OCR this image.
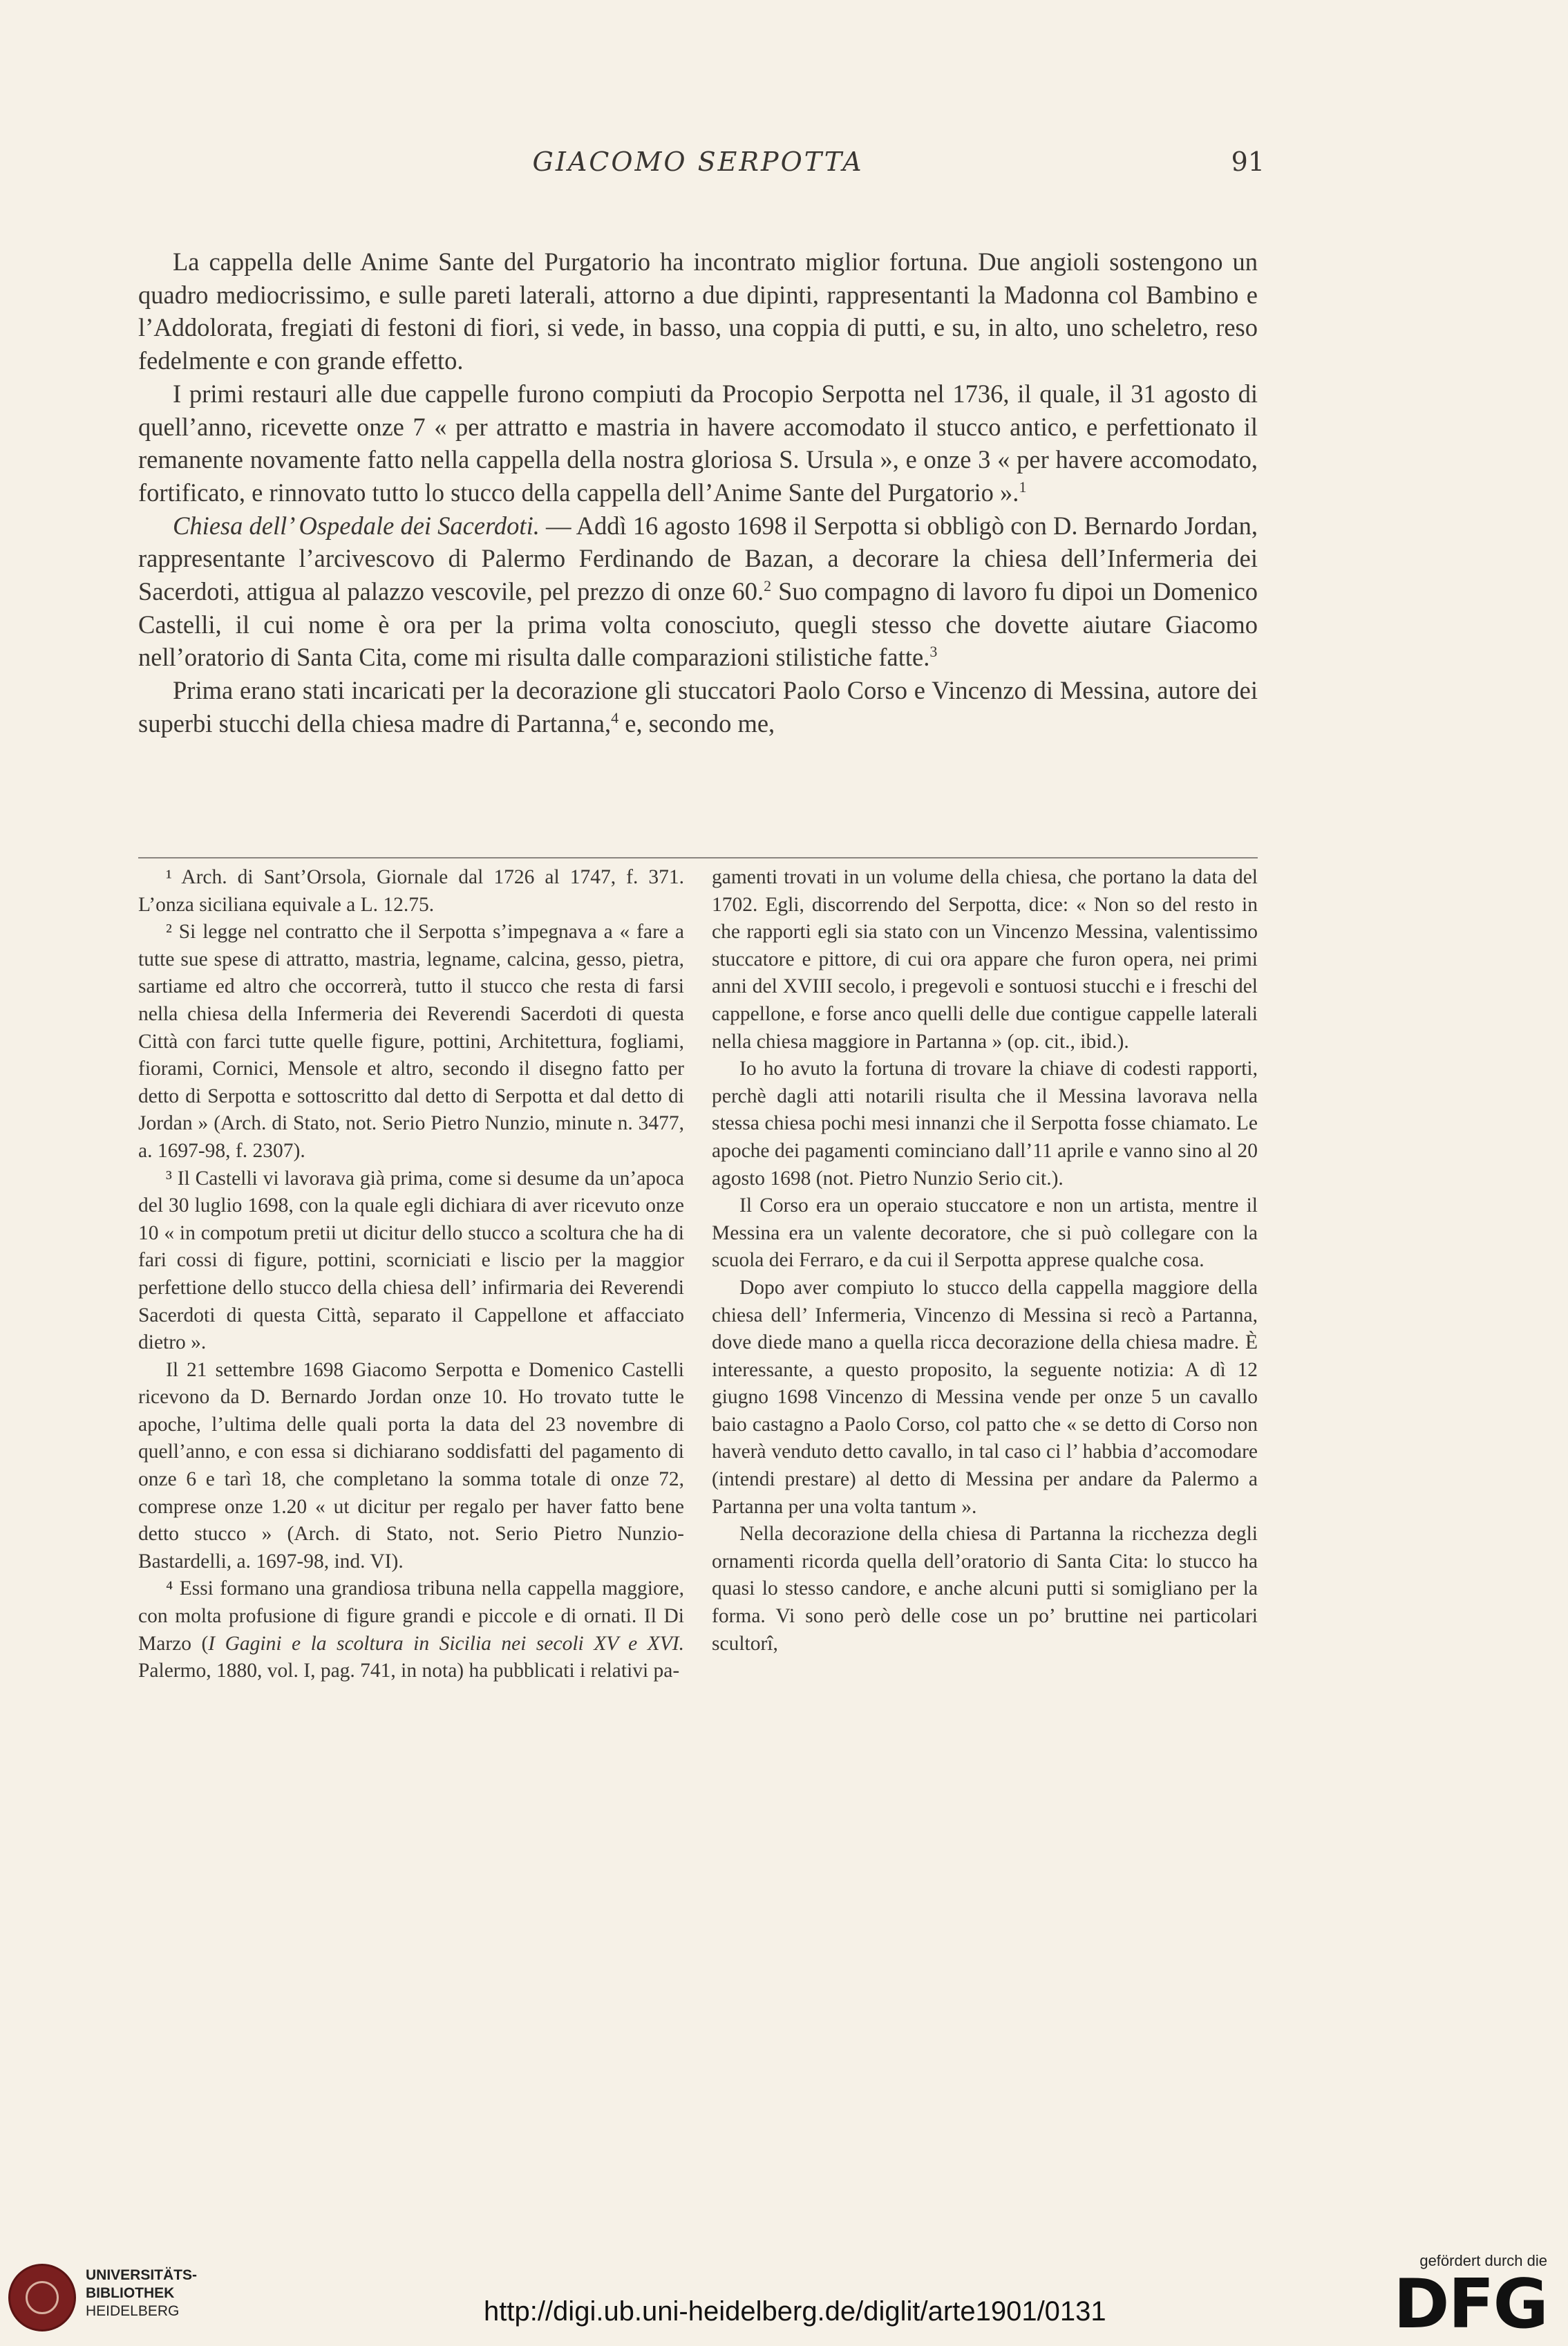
GIACOMO SERPOTTA	91

La cappella delle Anime Sante del Purgatorio ha incontrato miglior fortuna. Due angioli sostengono un quadro mediocrissimo, e sulle pareti laterali, attorno a due dipinti, rappresentanti la Madonna col Bambino e l’Addolorata, fregiati di festoni di fiori, si vede, in basso, una coppia di putti, e su, in alto, uno scheletro, reso fedelmente e con grande effetto.

I primi restauri alle due cappelle furono compiuti da Procopio Serpotta nel 1736, il quale, il 31 agosto di quell’anno, ricevette onze 7 « per attratto e mastria in havere accomodato il stucco antico, e perfettionato il remanente novamente fatto nella cappella della nostra gloriosa S. Ursula », e onze 3 « per havere accomodato, fortificato, e rinnovato tutto lo stucco della cappella dell’Anime Sante del Purgatorio ».$^1$

Chiesa dell’ Ospedale dei Sacerdoti. — Addì 16 agosto 1698 il Serpotta si obbligò con D. Bernardo Jordan, rappresentante l’arcivescovo di Palermo Ferdinando de Bazan, a decorare la chiesa dell’Infermeria dei Sacerdoti, attigua al palazzo vescovile, pel prezzo di onze 60.$^2$ Suo compagno di lavoro fu dipoi un Domenico Castelli, il cui nome è ora per la prima volta conosciuto, quegli stesso che dovette aiutare Giacomo nell’oratorio di Santa Cita, come mi risulta dalle comparazioni stilistiche fatte.$^3$

Prima erano stati incaricati per la decorazione gli stuccatori Paolo Corso e Vincenzo di Messina, autore dei superbi stucchi della chiesa madre di Partanna,$^4$ e, secondo me,

¹ Arch. di Sant’Orsola, Giornale dal 1726 al 1747, f. 371. L’onza siciliana equivale a L. 12.75.

² Si legge nel contratto che il Serpotta s’impegnava a « fare a tutte sue spese di attratto, mastria, legname, calcina, gesso, pietra, sartiame ed altro che occorrerà, tutto il stucco che resta di farsi nella chiesa della Infermeria dei Reverendi Sacerdoti di questa Città con farci tutte quelle figure, pottini, Architettura, fogliami, fiorami, Cornici, Mensole et altro, secondo il disegno fatto per detto di Serpotta e sottoscritto dal detto di Serpotta et dal detto di Jordan » (Arch. di Stato, not. Serio Pietro Nunzio, minute n. 3477, a. 1697-98, f. 2307).

³ Il Castelli vi lavorava già prima, come si desume da un’apoca del 30 luglio 1698, con la quale egli dichiara di aver ricevuto onze 10 « in compotum pretii ut dicitur dello stucco a scoltura che ha di fari cossi di figure, pottini, scorniciati e liscio per la maggior perfettione dello stucco della chiesa dell’ infirmaria dei Reverendi Sacerdoti di questa Città, separato il Cappellone et affacciato dietro ».

Il 21 settembre 1698 Giacomo Serpotta e Domenico Castelli ricevono da D. Bernardo Jordan onze 10. Ho trovato tutte le apoche, l’ultima delle quali porta la data del 23 novembre di quell’anno, e con essa si dichiarano soddisfatti del pagamento di onze 6 e tarì 18, che completano la somma totale di onze 72, comprese onze 1.20 « ut dicitur per regalo per haver fatto bene detto stucco » (Arch. di Stato, not. Serio Pietro Nunzio-Bastardelli, a. 1697-98, ind. VI).

⁴ Essi formano una grandiosa tribuna nella cappella maggiore, con molta profusione di figure grandi e piccole e di ornati. Il Di Marzo (I Gagini e la scoltura in Sicilia nei secoli XV e XVI. Palermo, 1880, vol. I, pag. 741, in nota) ha pubblicati i relativi pa-

gamenti trovati in un volume della chiesa, che portano la data del 1702. Egli, discorrendo del Serpotta, dice: « Non so del resto in che rapporti egli sia stato con un Vincenzo Messina, valentissimo stuccatore e pittore, di cui ora appare che furon opera, nei primi anni del XVIII secolo, i pregevoli e sontuosi stucchi e i freschi del cappellone, e forse anco quelli delle due contigue cappelle laterali nella chiesa maggiore in Partanna » (op. cit., ibid.).

Io ho avuto la fortuna di trovare la chiave di codesti rapporti, perchè dagli atti notarili risulta che il Messina lavorava nella stessa chiesa pochi mesi innanzi che il Serpotta fosse chiamato. Le apoche dei pagamenti cominciano dall’11 aprile e vanno sino al 20 agosto 1698 (not. Pietro Nunzio Serio cit.).

Il Corso era un operaio stuccatore e non un artista, mentre il Messina era un valente decoratore, che si può collegare con la scuola dei Ferraro, e da cui il Serpotta apprese qualche cosa.

Dopo aver compiuto lo stucco della cappella maggiore della chiesa dell’ Infermeria, Vincenzo di Messina si recò a Partanna, dove diede mano a quella ricca decorazione della chiesa madre. È interessante, a questo proposito, la seguente notizia: A dì 12 giugno 1698 Vincenzo di Messina vende per onze 5 un cavallo baio castagno a Paolo Corso, col patto che « se detto di Corso non haverà venduto detto cavallo, in tal caso ci l’ habbia d’accomodare (intendi prestare) al detto di Messina per andare da Palermo a Partanna per una volta tantum ».

Nella decorazione della chiesa di Partanna la ricchezza degli ornamenti ricorda quella dell’oratorio di Santa Cita: lo stucco ha quasi lo stesso candore, e anche alcuni putti si somigliano per la forma. Vi sono però delle cose un po’ bruttine nei particolari scultorî,

UNIVERSITÄTS-
BIBLIOTHEK
HEIDELBERG	http://digi.ub.uni-heidelberg.de/diglit/arte1901/0131
gefördert durch die
DFG
